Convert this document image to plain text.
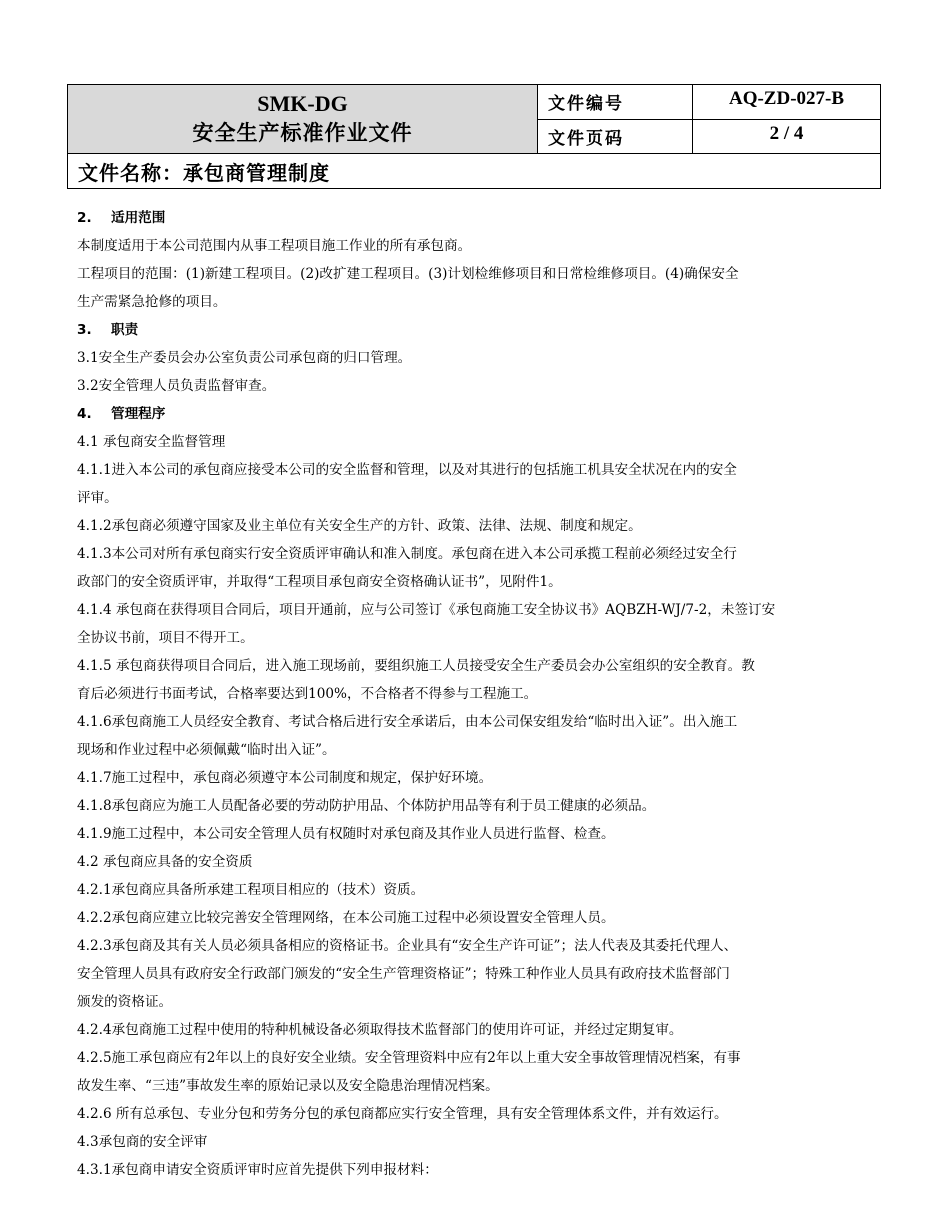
SMK-DG
安全生产标准作业文件	文件编号	AQ-ZD-027-B
	文件页码	2 / 4
文件名称：承包商管理制度		

2. 适用范围

本制度适用于本公司范围内从事工程项目施工作业的所有承包商。

工程项目的范围：(1)新建工程项目。(2)改扩建工程项目。(3)计划检维修项目和日常检维修项目。(4)确保安全

生产需紧急抢修的项目。

3. 职责

3.1安全生产委员会办公室负责公司承包商的归口管理。

3.2安全管理人员负责监督审查。

4. 管理程序

4.1 承包商安全监督管理

4.1.1进入本公司的承包商应接受本公司的安全监督和管理，以及对其进行的包括施工机具安全状况在内的安全

评审。

4.1.2承包商必须遵守国家及业主单位有关安全生产的方针、政策、法律、法规、制度和规定。

4.1.3本公司对所有承包商实行安全资质评审确认和准入制度。承包商在进入本公司承揽工程前必须经过安全行

政部门的安全资质评审，并取得“工程项目承包商安全资格确认证书”，见附件1。

4.1.4 承包商在获得项目合同后，项目开通前，应与公司签订《承包商施工安全协议书》AQBZH-WJ/7-2，未签订安

全协议书前，项目不得开工。

4.1.5 承包商获得项目合同后，进入施工现场前，要组织施工人员接受安全生产委员会办公室组织的安全教育。教

育后必须进行书面考试，合格率要达到100%，不合格者不得参与工程施工。

4.1.6承包商施工人员经安全教育、考试合格后进行安全承诺后，由本公司保安组发给“临时出入证”。出入施工

现场和作业过程中必须佩戴“临时出入证”。

4.1.7施工过程中，承包商必须遵守本公司制度和规定，保护好环境。

4.1.8承包商应为施工人员配备必要的劳动防护用品、个体防护用品等有利于员工健康的必须品。

4.1.9施工过程中，本公司安全管理人员有权随时对承包商及其作业人员进行监督、检查。

4.2 承包商应具备的安全资质

4.2.1承包商应具备所承建工程项目相应的（技术）资质。

4.2.2承包商应建立比较完善安全管理网络，在本公司施工过程中必须设置安全管理人员。

4.2.3承包商及其有关人员必须具备相应的资格证书。企业具有“安全生产许可证”；法人代表及其委托代理人、

安全管理人员具有政府安全行政部门颁发的“安全生产管理资格证”；特殊工种作业人员具有政府技术监督部门

颁发的资格证。

4.2.4承包商施工过程中使用的特种机械设备必须取得技术监督部门的使用许可证，并经过定期复审。

4.2.5施工承包商应有2年以上的良好安全业绩。安全管理资料中应有2年以上重大安全事故管理情况档案，有事

故发生率、“三违”事故发生率的原始记录以及安全隐患治理情况档案。

4.2.6 所有总承包、专业分包和劳务分包的承包商都应实行安全管理，具有安全管理体系文件，并有效运行。

4.3承包商的安全评审

4.3.1承包商申请安全资质评审时应首先提供下列申报材料：
